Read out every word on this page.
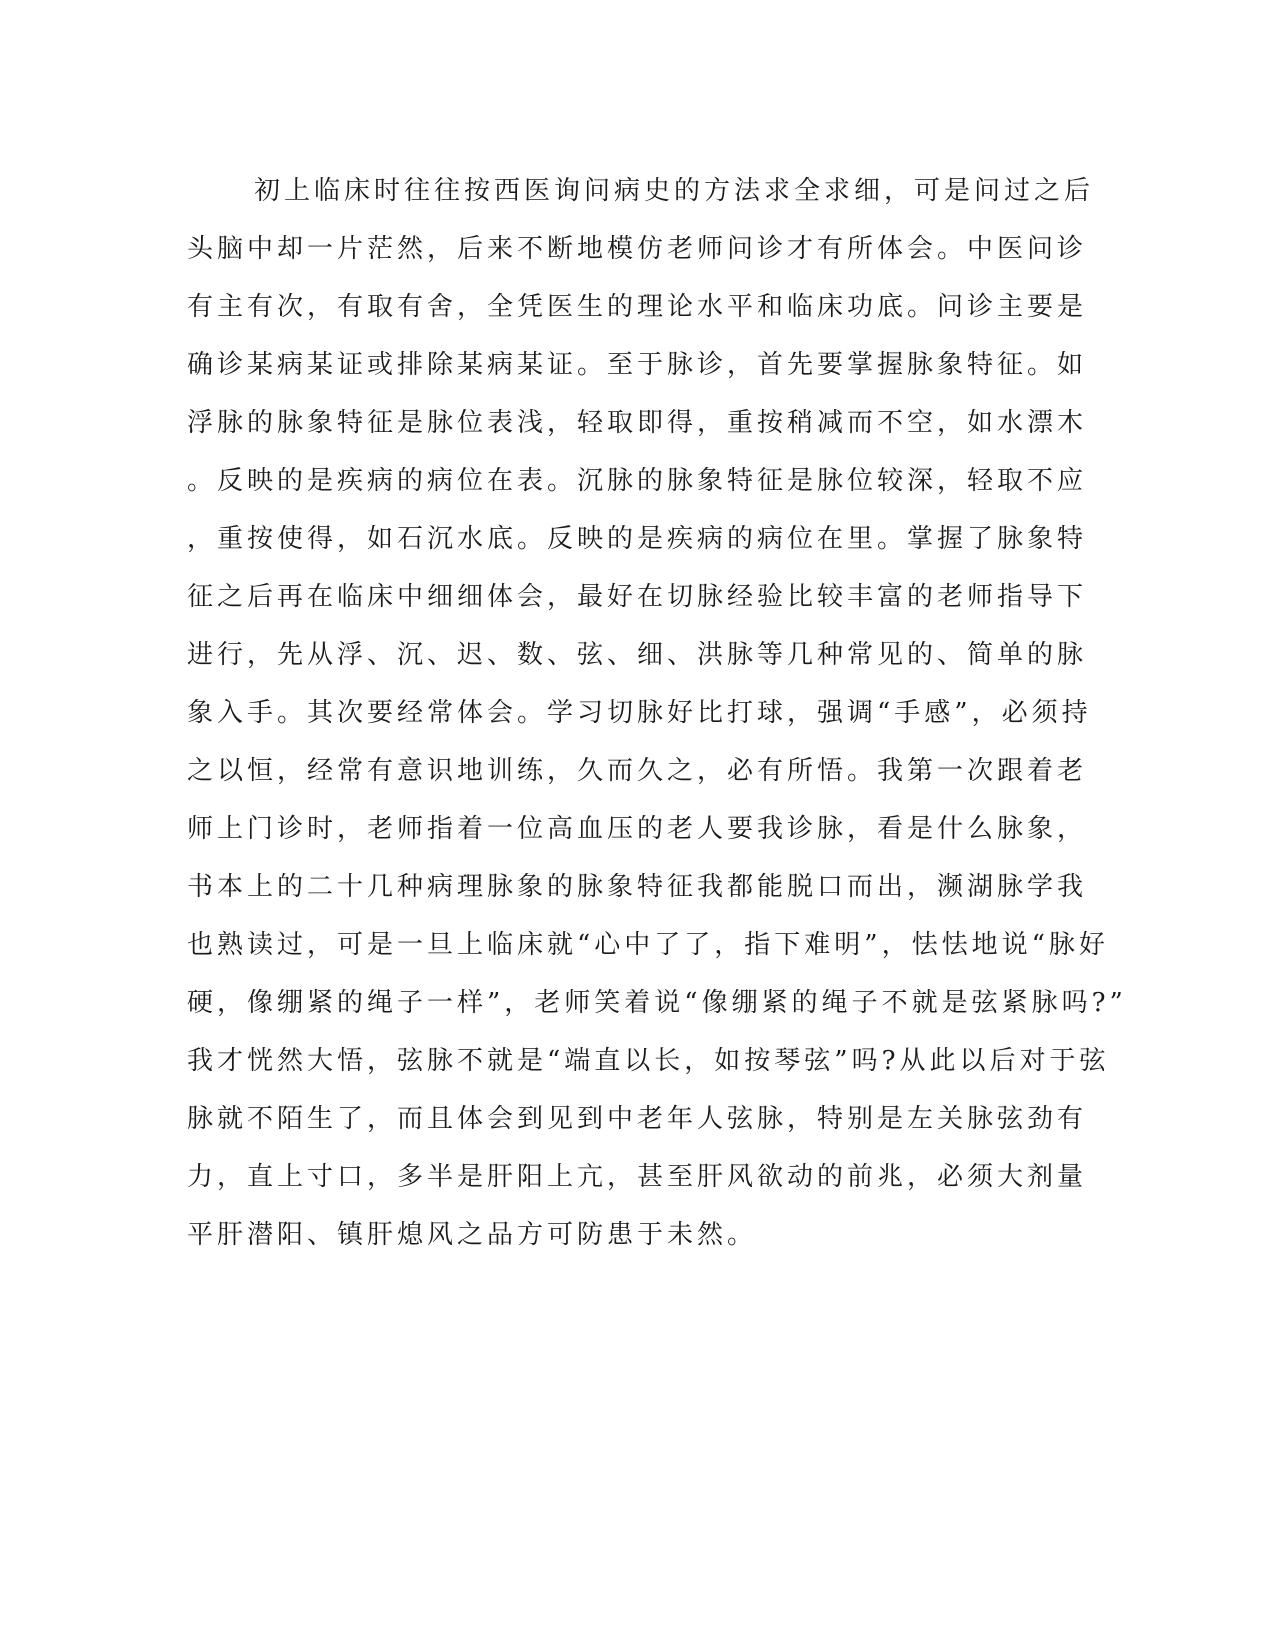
初上临床时往往按西医询问病史的方法求全求细，可是问过之后
头脑中却一片茫然，后来不断地模仿老师问诊才有所体会。中医问诊
有主有次，有取有舍，全凭医生的理论水平和临床功底。问诊主要是
确诊某病某证或排除某病某证。至于脉诊，首先要掌握脉象特征。如
浮脉的脉象特征是脉位表浅，轻取即得，重按稍减而不空，如水漂木
。反映的是疾病的病位在表。沉脉的脉象特征是脉位较深，轻取不应
，重按使得，如石沉水底。反映的是疾病的病位在里。掌握了脉象特
征之后再在临床中细细体会，最好在切脉经验比较丰富的老师指导下
进行，先从浮、沉、迟、数、弦、细、洪脉等几种常见的、简单的脉
象入手。其次要经常体会。学习切脉好比打球，强调“手感”，必须持
之以恒，经常有意识地训练，久而久之，必有所悟。我第一次跟着老
师上门诊时，老师指着一位高血压的老人要我诊脉，看是什么脉象，
书本上的二十几种病理脉象的脉象特征我都能脱口而出，濒湖脉学我
也熟读过，可是一旦上临床就“心中了了，指下难明”，怯怯地说“脉好
硬，像绷紧的绳子一样”，老师笑着说“像绷紧的绳子不就是弦紧脉吗?”
我才恍然大悟，弦脉不就是“端直以长，如按琴弦”吗?从此以后对于弦
脉就不陌生了，而且体会到见到中老年人弦脉，特别是左关脉弦劲有
力，直上寸口，多半是肝阳上亢，甚至肝风欲动的前兆，必须大剂量
平肝潜阳、镇肝熄风之品方可防患于未然。
